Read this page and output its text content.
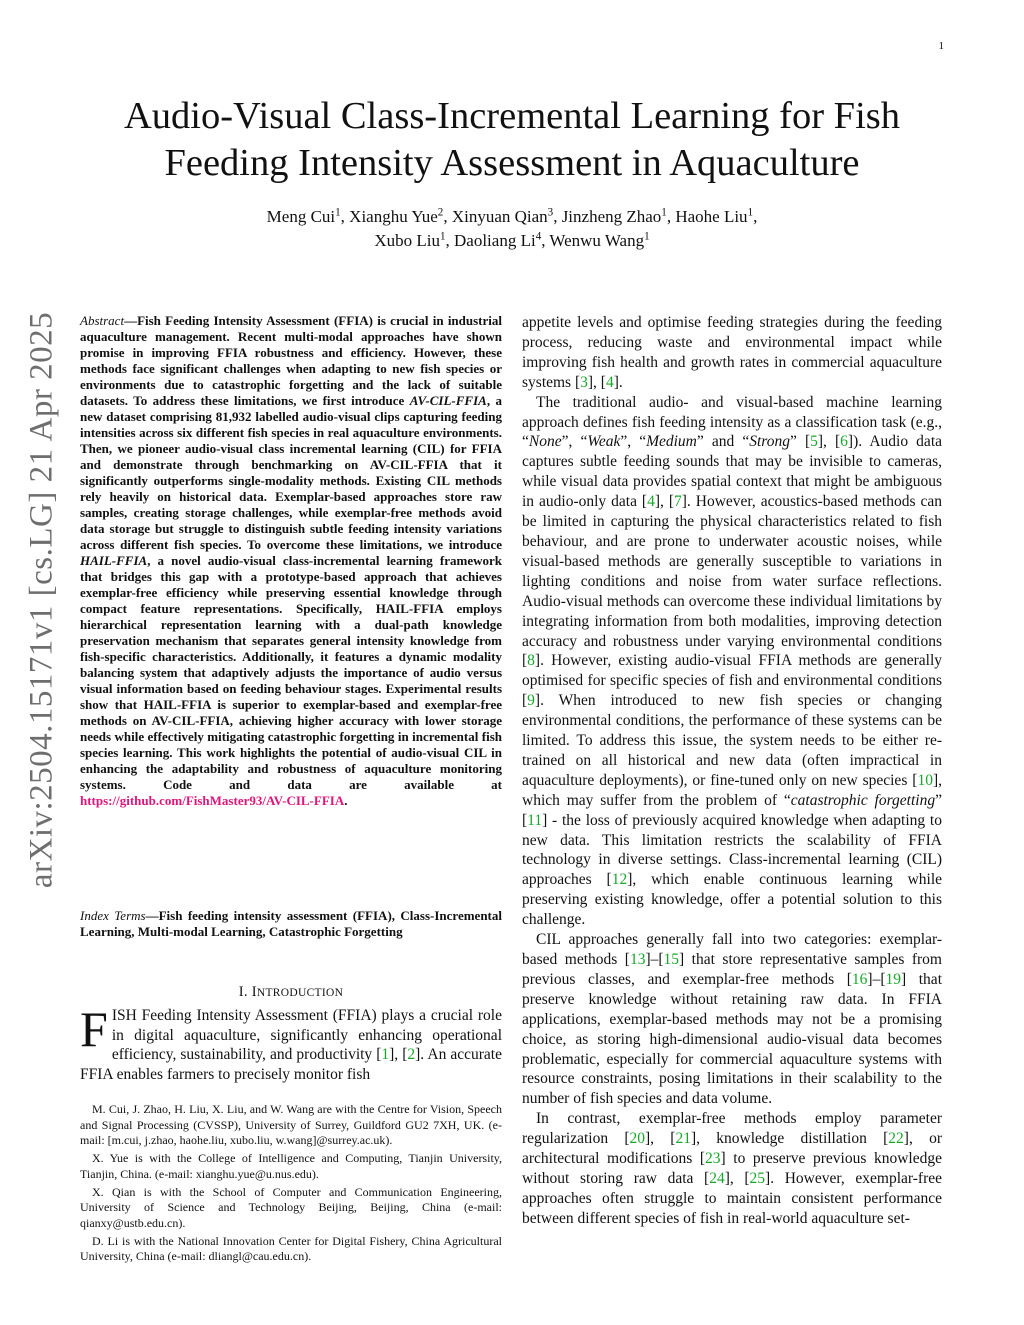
1
arXiv:2504.15171v1 [cs.LG] 21 Apr 2025
Audio-Visual Class-Incremental Learning for Fish
Feeding Intensity Assessment in Aquaculture
Meng Cui$^1$, Xianghu Yue$^2$, Xinyuan Qian$^3$, Jinzheng Zhao$^1$, Haohe Liu$^1$,
Xubo Liu$^1$, Daoliang Li$^4$, Wenwu Wang$^1$
Abstract—Fish Feeding Intensity Assessment (FFIA) is crucial in industrial aquaculture management. Recent multi-modal approaches have shown promise in improving FFIA robustness and efficiency. However, these methods face significant challenges when adapting to new fish species or environments due to catastrophic forgetting and the lack of suitable datasets. To address these limitations, we first introduce AV-CIL-FFIA, a new dataset comprising 81,932 labelled audio-visual clips capturing feeding intensities across six different fish species in real aquaculture environments. Then, we pioneer audio-visual class incremental learning (CIL) for FFIA and demonstrate through benchmarking on AV-CIL-FFIA that it significantly outperforms single-modality methods. Existing CIL methods rely heavily on historical data. Exemplar-based approaches store raw samples, creating storage challenges, while exemplar-free methods avoid data storage but struggle to distinguish subtle feeding intensity variations across different fish species. To overcome these limitations, we introduce HAIL-FFIA, a novel audio-visual class-incremental learning framework that bridges this gap with a prototype-based approach that achieves exemplar-free efficiency while preserving essential knowledge through compact feature representations. Specifically, HAIL-FFIA employs hierarchical representation learning with a dual-path knowledge preservation mechanism that separates general intensity knowledge from fish-specific characteristics. Additionally, it features a dynamic modality balancing system that adaptively adjusts the importance of audio versus visual information based on feeding behaviour stages. Experimental results show that HAIL-FFIA is superior to exemplar-based and exemplar-free methods on AV-CIL-FFIA, achieving higher accuracy with lower storage needs while effectively mitigating catastrophic forgetting in incremental fish species learning. This work highlights the potential of audio-visual CIL in enhancing the adaptability and robustness of aquaculture monitoring systems. Code and data are available at https://github.com/FishMaster93/AV-CIL-FFIA.
Index Terms—Fish feeding intensity assessment (FFIA), Class-Incremental Learning, Multi-modal Learning, Catastrophic Forgetting
I. INTRODUCTION
FISH Feeding Intensity Assessment (FFIA) plays a crucial role in digital aquaculture, significantly enhancing operational efficiency, sustainability, and productivity [1], [2]. An accurate FFIA enables farmers to precisely monitor fish

M. Cui, J. Zhao, H. Liu, X. Liu, and W. Wang are with the Centre for Vision, Speech and Signal Processing (CVSSP), University of Surrey, Guildford GU2 7XH, UK. (e-mail: [m.cui, j.zhao, haohe.liu, xubo.liu, w.wang]@surrey.ac.uk).

X. Yue is with the College of Intelligence and Computing, Tianjin University, Tianjin, China. (e-mail: xianghu.yue@u.nus.edu).

X. Qian is with the School of Computer and Communication Engineering, University of Science and Technology Beijing, Beijing, China (e-mail: qianxy@ustb.edu.cn).

D. Li is with the National Innovation Center for Digital Fishery, China Agricultural University, China (e-mail: dliangl@cau.edu.cn).

appetite levels and optimise feeding strategies during the feeding process, reducing waste and environmental impact while improving fish health and growth rates in commercial aquaculture systems [3], [4].

The traditional audio- and visual-based machine learning approach defines fish feeding intensity as a classification task (e.g., “None”, “Weak”, “Medium” and “Strong” [5], [6]). Audio data captures subtle feeding sounds that may be invisible to cameras, while visual data provides spatial context that might be ambiguous in audio-only data [4], [7]. However, acoustics-based methods can be limited in capturing the physical characteristics related to fish behaviour, and are prone to underwater acoustic noises, while visual-based methods are generally susceptible to variations in lighting conditions and noise from water surface reflections. Audio-visual methods can overcome these individual limitations by integrating information from both modalities, improving detection accuracy and robustness under varying environmental conditions [8]. However, existing audio-visual FFIA methods are generally optimised for specific species of fish and environmental conditions [9]. When introduced to new fish species or changing environmental conditions, the performance of these systems can be limited. To address this issue, the system needs to be either re-trained on all historical and new data (often impractical in aquaculture deployments), or fine-tuned only on new species [10], which may suffer from the problem of “catastrophic forgetting” [11] - the loss of previously acquired knowledge when adapting to new data. This limitation restricts the scalability of FFIA technology in diverse settings. Class-incremental learning (CIL) approaches [12], which enable continuous learning while preserving existing knowledge, offer a potential solution to this challenge.

CIL approaches generally fall into two categories: exemplar-based methods [13]–[15] that store representative samples from previous classes, and exemplar-free methods [16]–[19] that preserve knowledge without retaining raw data. In FFIA applications, exemplar-based methods may not be a promising choice, as storing high-dimensional audio-visual data becomes problematic, especially for commercial aquaculture systems with resource constraints, posing limitations in their scalability to the number of fish species and data volume.

In contrast, exemplar-free methods employ parameter regularization [20], [21], knowledge distillation [22], or architectural modifications [23] to preserve previous knowledge without storing raw data [24], [25]. However, exemplar-free approaches often struggle to maintain consistent performance between different species of fish in real-world aquaculture set-
